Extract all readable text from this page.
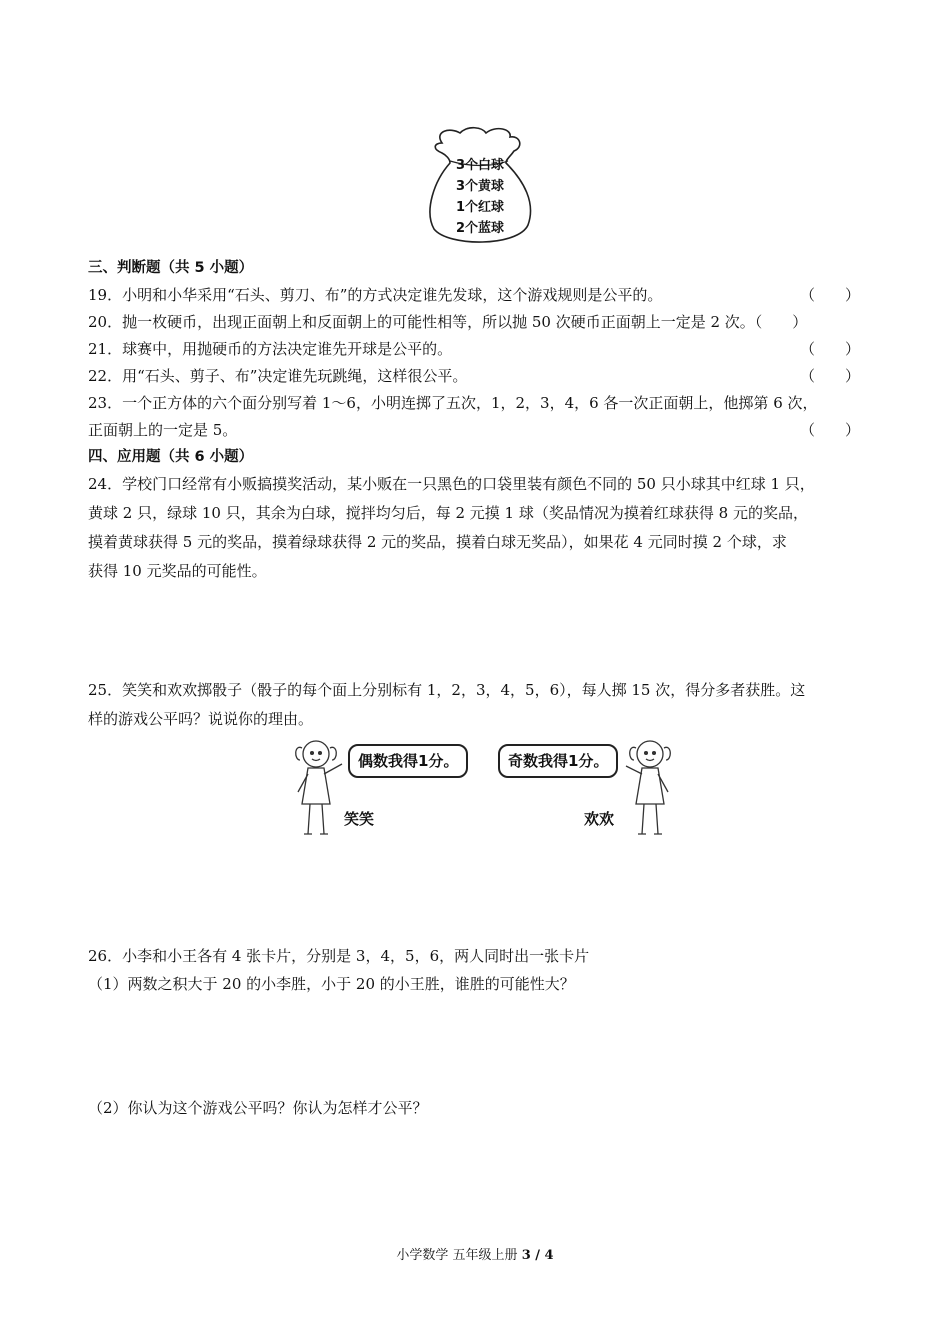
3个白球
3个黄球
1个红球
2个蓝球
三、判断题（共 5 小题）
19．小明和小华采用“石头、剪刀、布”的方式决定谁先发球，这个游戏规则是公平的。	（　　）
20．抛一枚硬币，出现正面朝上和反面朝上的可能性相等，所以抛 50 次硬币正面朝上一定是 2 次。（　　）
21．球赛中，用抛硬币的方法决定谁先开球是公平的。	（　　）
22．用“石头、剪子、布”决定谁先玩跳绳，这样很公平。	（　　）
23．一个正方体的六个面分别写着 1～6，小明连掷了五次，1，2，3，4，6 各一次正面朝上，他掷第 6 次，
正面朝上的一定是 5。	（　　）
四、应用题（共 6 小题）
24．学校门口经常有小贩搞摸奖活动，某小贩在一只黑色的口袋里装有颜色不同的 50 只小球其中红球 1 只，
黄球 2 只，绿球 10 只，其余为白球，搅拌均匀后，每 2 元摸 1 球（奖品情况为摸着红球获得 8 元的奖品，
摸着黄球获得 5 元的奖品，摸着绿球获得 2 元的奖品，摸着白球无奖品），如果花 4 元同时摸 2 个球，求
获得 10 元奖品的可能性。
25．笑笑和欢欢掷骰子（骰子的每个面上分别标有 1，2，3，4，5，6），每人掷 15 次，得分多者获胜。这
样的游戏公平吗？说说你的理由。
偶数我得1分。	奇数我得1分。
笑笑	欢欢
26．小李和小王各有 4 张卡片，分别是 3，4，5，6，两人同时出一张卡片
（1）两数之积大于 20 的小李胜，小于 20 的小王胜，谁胜的可能性大？
（2）你认为这个游戏公平吗？你认为怎样才公平？
小学数学 五年级上册 3 / 4
